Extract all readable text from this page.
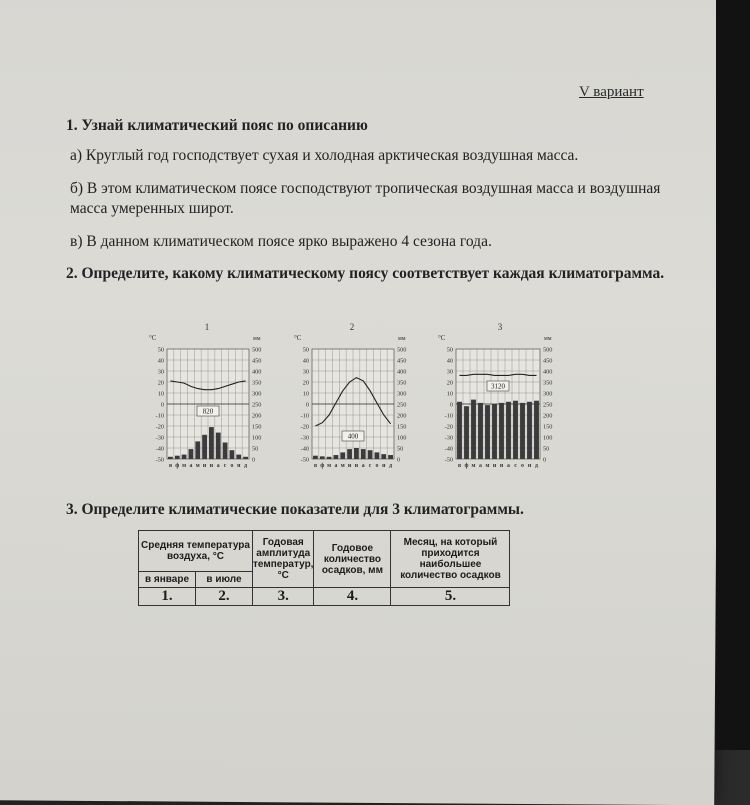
V вариант
1. Узнай климатический пояс по описанию
а) Круглый год господствует сухая и холодная арктическая воздушная масса.
б) В этом климатическом поясе господствуют тропическая воздушная масса и воздушная масса умеренных широт.
в) В данном климатическом поясе ярко выражено 4 сезона года.
2. Определите, какому климатическому поясу соответствует каждая климатограмма.
1
°C	мм
50
40
30
20
10
0
-10
-20
-30
-40
-50
500
450
400
350
300
250
200
150
100
50
0
я ф м а м и и а с о н д
820
2
°C	мм
50
40
30
20
10
0
-10
-20
-30
-40
-50
500
450
400
350
300
250
200
150
100
50
0
я ф м а м и и а с о н д
400
3
°C	мм
50
40
30
20
10
0
-10
-20
-30
-40
-50
500
450
400
350
300
250
200
150
100
50
0
я ф м а м и и а с о н д
3120
3. Определите климатические показатели для 3 климатограммы.
Средняя температура воздуха, °С		Годовая амплитуда температур, °С	Годовое количество осадков, мм	Месяц, на который приходится наибольшее количество осадков
в январе	в июле			
1.	2.	3.	4.	5.
